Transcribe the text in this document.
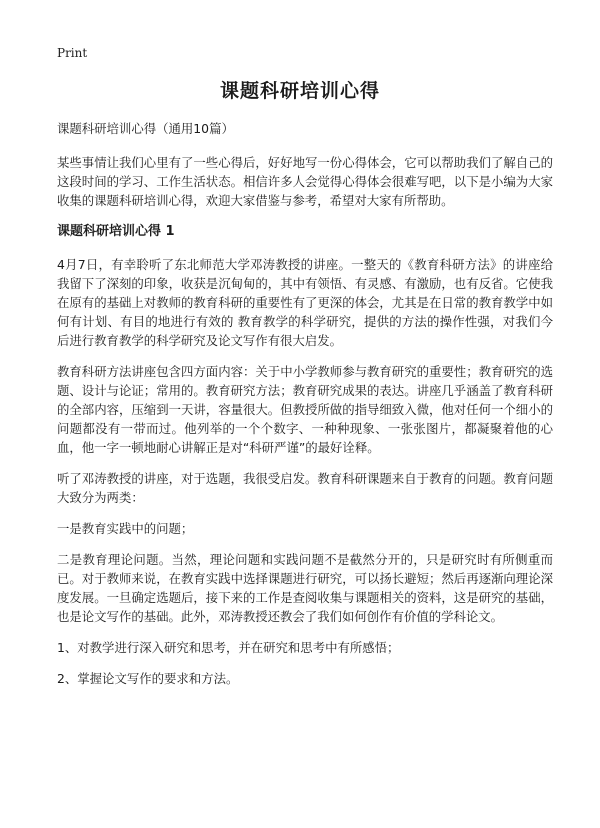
Print
课题科研培训心得

课题科研培训心得（通用10篇）

某些事情让我们心里有了一些心得后，好好地写一份心得体会，它可以帮助我们了解自己的这段时间的学习、工作生活状态。相信许多人会觉得心得体会很难写吧，以下是小编为大家收集的课题科研培训心得，欢迎大家借鉴与参考，希望对大家有所帮助。

课题科研培训心得 1

4月7日，有幸聆听了东北师范大学邓涛教授的讲座。一整天的《教育科研方法》的讲座给我留下了深刻的印象，收获是沉甸甸的，其中有领悟、有灵感、有激励，也有反省。它使我在原有的基础上对教师的教育科研的重要性有了更深的体会，尤其是在日常的教育教学中如何有计划、有目的地进行有效的 教育教学的科学研究，提供的方法的操作性强，对我们今后进行教育教学的科学研究及论文写作有很大启发。

教育科研方法讲座包含四方面内容：关于中小学教师参与教育研究的重要性；教育研究的选题、设计与论证；常用的。教育研究方法；教育研究成果的表达。讲座几乎涵盖了教育科研的全部内容，压缩到一天讲，容量很大。但教授所做的指导细致入微，他对任何一个细小的问题都没有一带而过。他列举的一个个数字、一种种现象、一张张图片，都凝聚着他的心血，他一字一顿地耐心讲解正是对“科研严谨”的最好诠释。

听了邓涛教授的讲座，对于选题，我很受启发。教育科研课题来自于教育的问题。教育问题大致分为两类：

一是教育实践中的问题；

二是教育理论问题。当然，理论问题和实践问题不是截然分开的，只是研究时有所侧重而已。对于教师来说，在教育实践中选择课题进行研究，可以扬长避短；然后再逐渐向理论深度发展。一旦确定选题后，接下来的工作是查阅收集与课题相关的资料，这是研究的基础，也是论文写作的基础。此外，邓涛教授还教会了我们如何创作有价值的学科论文。

1、对教学进行深入研究和思考，并在研究和思考中有所感悟；

2、掌握论文写作的要求和方法。
